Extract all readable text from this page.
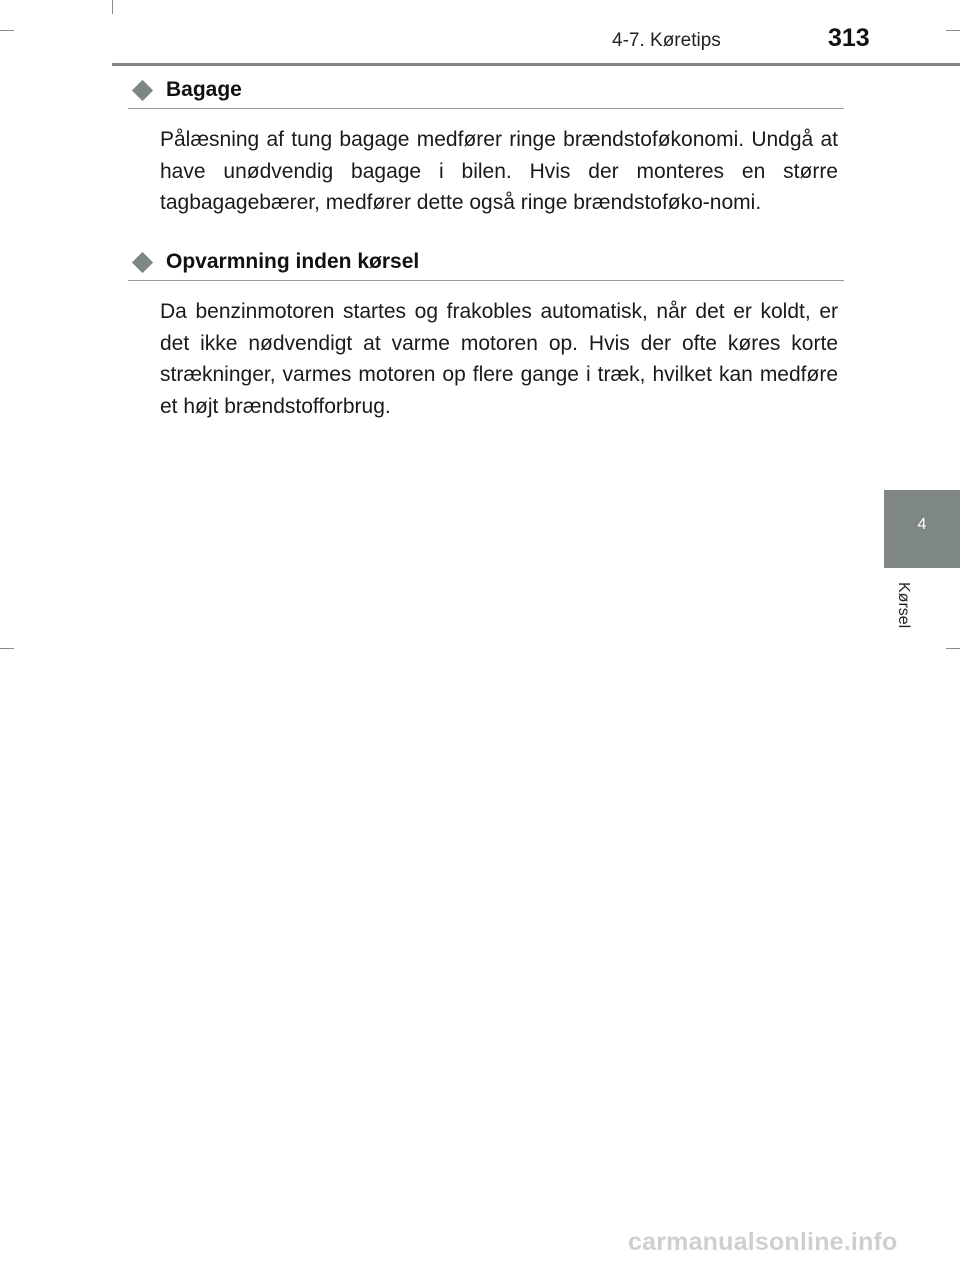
4-7. Køretips	313
4
Kørsel
Bagage

Pålæsning af tung bagage medfører ringe brændstoføkonomi. Undgå at have unødvendig bagage i bilen. Hvis der monteres en større tagbagagebærer, medfører dette også ringe brændstoføko-nomi.

Opvarmning inden kørsel

Da benzinmotoren startes og frakobles automatisk, når det er koldt, er det ikke nødvendigt at varme motoren op. Hvis der ofte køres korte strækninger, varmes motoren op flere gange i træk, hvilket kan medføre et højt brændstofforbrug.

carmanualsonline.info
